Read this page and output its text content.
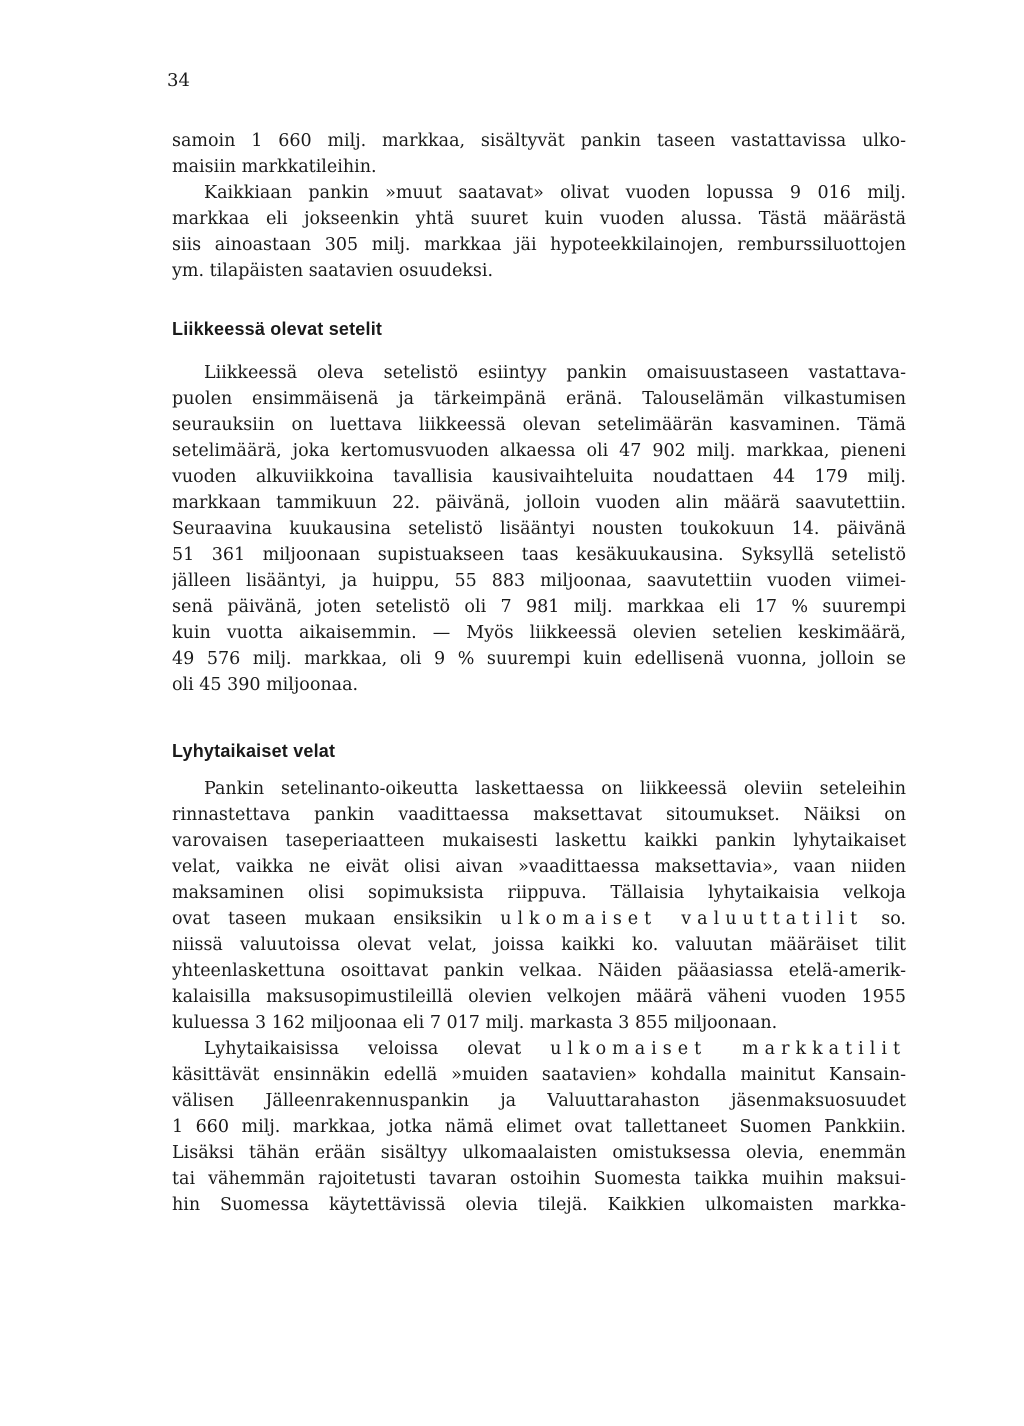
34
samoin 1 660 milj. markkaa, sisältyvät pankin taseen vastattavissa ulko-
maisiin markkatileihin.
Kaikkiaan pankin »muut saatavat» olivat vuoden lopussa 9 016 milj.
markkaa eli jokseenkin yhtä suuret kuin vuoden alussa. Tästä määrästä
siis ainoastaan 305 milj. markkaa jäi hypoteekkilainojen, remburssiluottojen
ym. tilapäisten saatavien osuudeksi.
Liikkeessä olevat setelit
Liikkeessä oleva setelistö esiintyy pankin omaisuustaseen vastattava-
puolen ensimmäisenä ja tärkeimpänä eränä. Talouselämän vilkastumisen
seurauksiin on luettava liikkeessä olevan setelimäärän kasvaminen. Tämä
setelimäärä, joka kertomusvuoden alkaessa oli 47 902 milj. markkaa, pieneni
vuoden alkuviikkoina tavallisia kausivaihteluita noudattaen 44 179 milj.
markkaan tammikuun 22. päivänä, jolloin vuoden alin määrä saavutettiin.
Seuraavina kuukausina setelistö lisääntyi nousten toukokuun 14. päivänä
51 361 miljoonaan supistuakseen taas kesäkuukausina. Syksyllä setelistö
jälleen lisääntyi, ja huippu, 55 883 miljoonaa, saavutettiin vuoden viimei-
senä päivänä, joten setelistö oli 7 981 milj. markkaa eli 17 % suurempi
kuin vuotta aikaisemmin. — Myös liikkeessä olevien setelien keskimäärä,
49 576 milj. markkaa, oli 9 % suurempi kuin edellisenä vuonna, jolloin se
oli 45 390 miljoonaa.
Lyhytaikaiset velat
Pankin setelinanto-oikeutta laskettaessa on liikkeessä oleviin seteleihin
rinnastettava pankin vaadittaessa maksettavat sitoumukset. Näiksi on
varovaisen taseperiaatteen mukaisesti laskettu kaikki pankin lyhytaikaiset
velat, vaikka ne eivät olisi aivan »vaadittaessa maksettavia», vaan niiden
maksaminen olisi sopimuksista riippuva. Tällaisia lyhytaikaisia velkoja
ovat taseen mukaan ensiksikin ulkomaiset valuuttatilit so.
niissä valuutoissa olevat velat, joissa kaikki ko. valuutan määräiset tilit
yhteenlaskettuna osoittavat pankin velkaa. Näiden pääasiassa etelä-amerik-
kalaisilla maksusopimustileillä olevien velkojen määrä väheni vuoden 1955
kuluessa 3 162 miljoonaa eli 7 017 milj. markasta 3 855 miljoonaan.
Lyhytaikaisissa veloissa olevat ulkomaiset markkatilit
käsittävät ensinnäkin edellä »muiden saatavien» kohdalla mainitut Kansain-
välisen Jälleenrakennuspankin ja Valuuttarahaston jäsenmaksuosuudet
1 660 milj. markkaa, jotka nämä elimet ovat tallettaneet Suomen Pankkiin.
Lisäksi tähän erään sisältyy ulkomaalaisten omistuksessa olevia, enemmän
tai vähemmän rajoitetusti tavaran ostoihin Suomesta taikka muihin maksui-
hin Suomessa käytettävissä olevia tilejä. Kaikkien ulkomaisten markka-
